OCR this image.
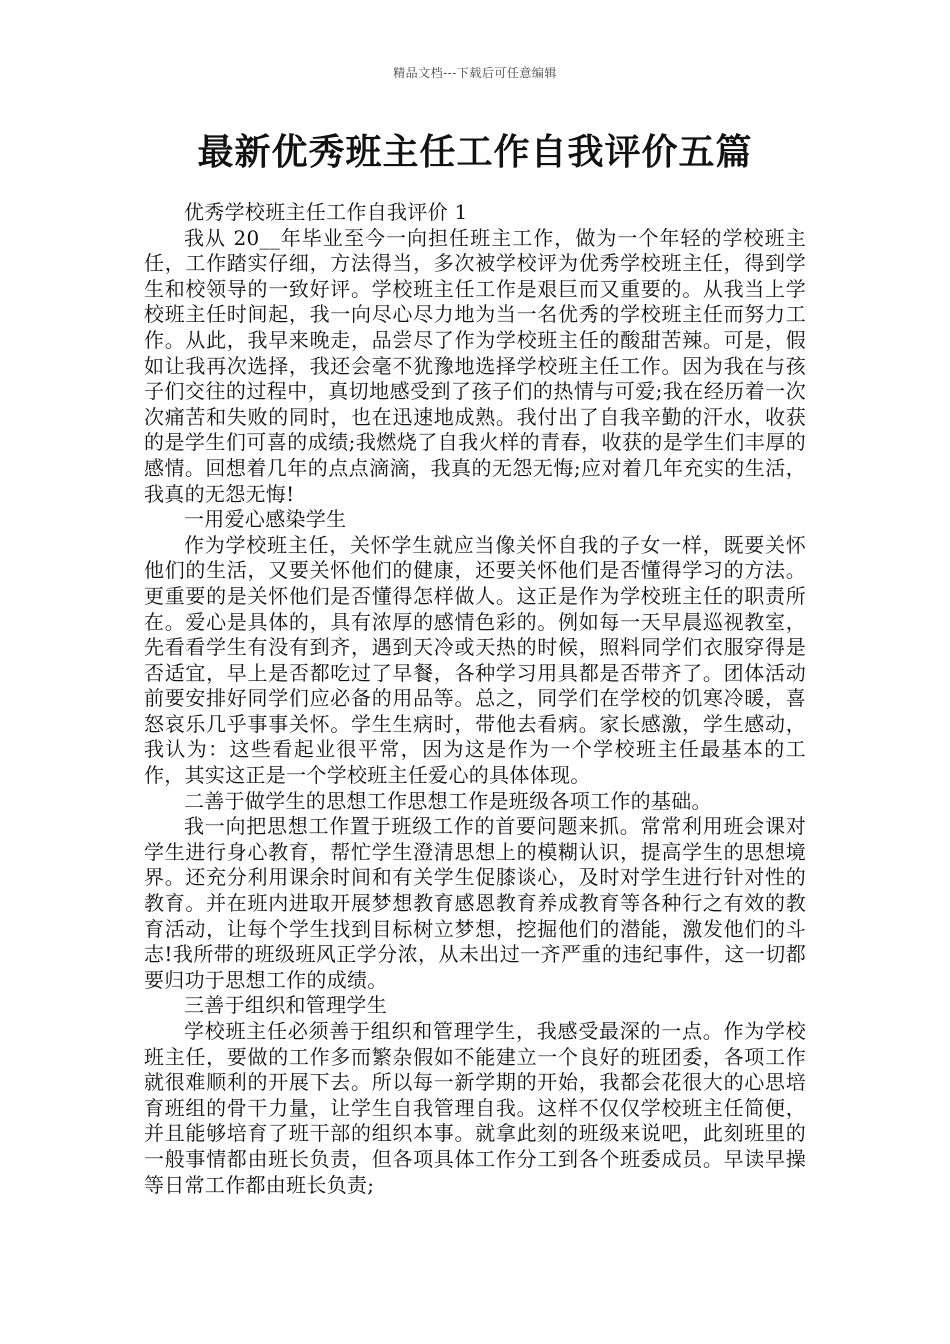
精品文档---下载后可任意编辑
最新优秀班主任工作自我评价五篇

优秀学校班主任工作自我评价 1

我从 20__年毕业至今一向担任班主工作，做为一个年轻的学校班主任，工作踏实仔细，方法得当，多次被学校评为优秀学校班主任，得到学生和校领导的一致好评。学校班主任工作是艰巨而又重要的。从我当上学校班主任时间起，我一向尽心尽力地为当一名优秀的学校班主任而努力工作。从此，我早来晚走，品尝尽了作为学校班主任的酸甜苦辣。可是，假如让我再次选择，我还会毫不犹豫地选择学校班主任工作。因为我在与孩子们交往的过程中，真切地感受到了孩子们的热情与可爱;我在经历着一次次痛苦和失败的同时，也在迅速地成熟。我付出了自我辛勤的汗水，收获的是学生们可喜的成绩;我燃烧了自我火样的青春，收获的是学生们丰厚的感情。回想着几年的点点滴滴，我真的无怨无悔;应对着几年充实的生活，我真的无怨无悔!

一用爱心感染学生

作为学校班主任，关怀学生就应当像关怀自我的子女一样，既要关怀他们的生活，又要关怀他们的健康，还要关怀他们是否懂得学习的方法。更重要的是关怀他们是否懂得怎样做人。这正是作为学校班主任的职责所在。爱心是具体的，具有浓厚的感情色彩的。例如每一天早晨巡视教室，先看看学生有没有到齐，遇到天冷或天热的时候，照料同学们衣服穿得是否适宜，早上是否都吃过了早餐，各种学习用具都是否带齐了。团体活动前要安排好同学们应必备的用品等。总之，同学们在学校的饥寒冷暖，喜怒哀乐几乎事事关怀。学生生病时，带他去看病。家长感激，学生感动，我认为：这些看起业很平常，因为这是作为一个学校班主任最基本的工作，其实这正是一个学校班主任爱心的具体体现。

二善于做学生的思想工作思想工作是班级各项工作的基础。

我一向把思想工作置于班级工作的首要问题来抓。常常利用班会课对学生进行身心教育，帮忙学生澄清思想上的模糊认识，提高学生的思想境界。还充分利用课余时间和有关学生促膝谈心，及时对学生进行针对性的教育。并在班内进取开展梦想教育感恩教育养成教育等各种行之有效的教育活动，让每个学生找到目标树立梦想，挖掘他们的潜能，激发他们的斗志!我所带的班级班风正学分浓，从未出过一齐严重的违纪事件，这一切都要归功于思想工作的成绩。

三善于组织和管理学生

学校班主任必须善于组织和管理学生，我感受最深的一点。作为学校班主任，要做的工作多而繁杂假如不能建立一个良好的班团委，各项工作就很难顺利的开展下去。所以每一新学期的开始，我都会花很大的心思培育班组的骨干力量，让学生自我管理自我。这样不仅仅学校班主任简便，并且能够培育了班干部的组织本事。就拿此刻的班级来说吧，此刻班里的一般事情都由班长负责，但各项具体工作分工到各个班委成员。早读早操等日常工作都由班长负责;
